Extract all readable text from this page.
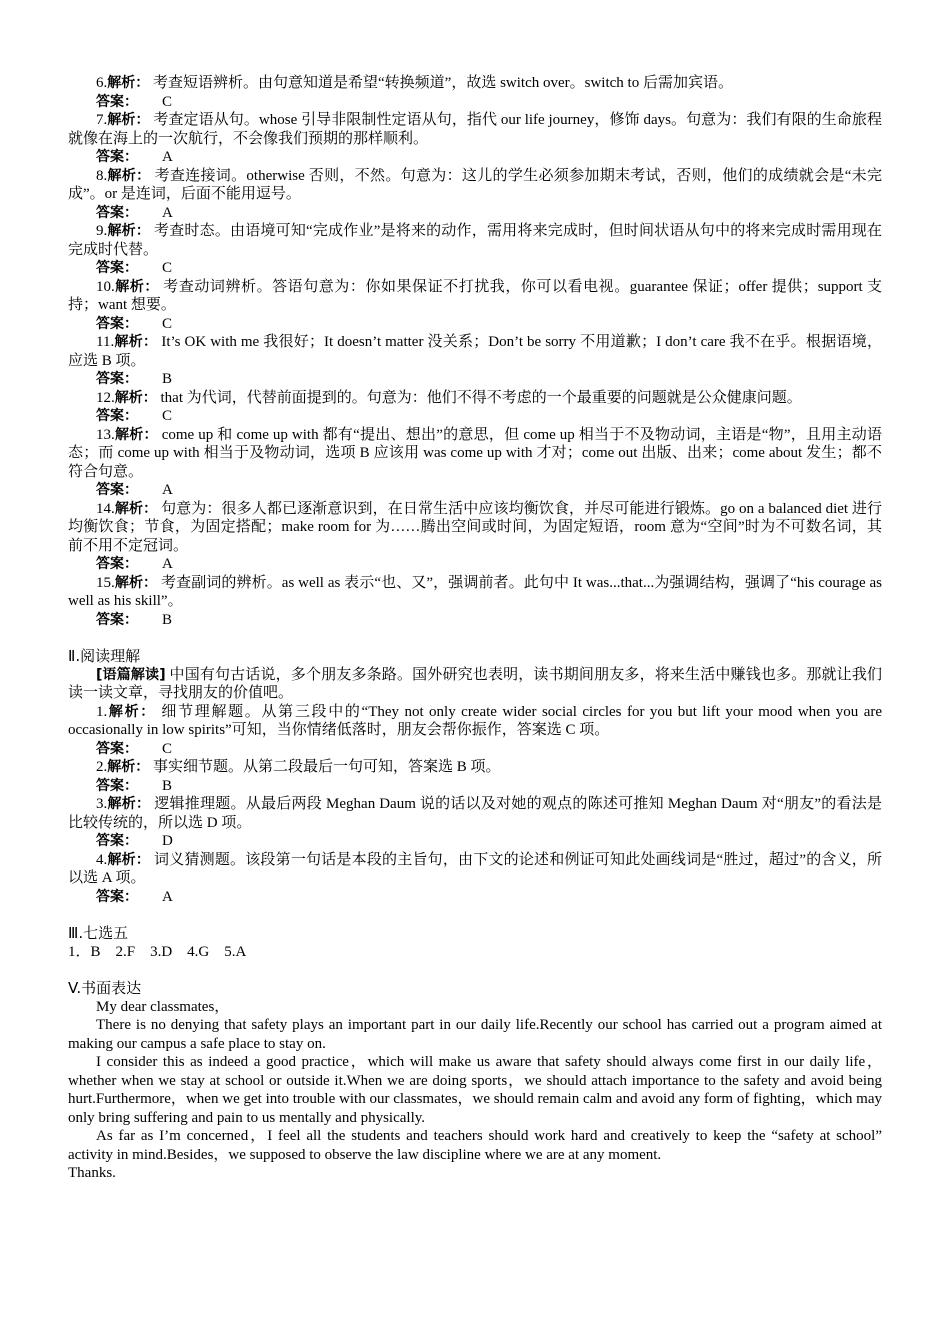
6.解析： 考查短语辨析。由句意知道是希望“转换频道”，故选 switch over。switch to 后需加宾语。

答案： C

7.解析： 考查定语从句。whose 引导非限制性定语从句，指代 our life journey，修饰 days。句意为：我们有限的生命旅程就像在海上的一次航行，不会像我们预期的那样顺利。

答案： A

8.解析： 考查连接词。otherwise 否则，不然。句意为：这儿的学生必须参加期末考试，否则，他们的成绩就会是“未完成”。or 是连词，后面不能用逗号。

答案： A

9.解析： 考查时态。由语境可知“完成作业”是将来的动作，需用将来完成时，但时间状语从句中的将来完成时需用现在完成时代替。

答案： C

10.解析： 考查动词辨析。答语句意为：你如果保证不打扰我，你可以看电视。guarantee 保证；offer 提供；support 支持；want 想要。

答案： C

11.解析： It’s OK with me 我很好；It doesn’t matter 没关系；Don’t be sorry 不用道歉；I don’t care 我不在乎。根据语境，应选 B 项。

答案： B

12.解析： that 为代词，代替前面提到的。句意为：他们不得不考虑的一个最重要的问题就是公众健康问题。

答案： C

13.解析： come up 和 come up with 都有“提出、想出”的意思，但 come up 相当于不及物动词，主语是“物”，且用主动语态；而 come up with 相当于及物动词，选项 B 应该用 was come up with 才对；come out 出版、出来；come about 发生；都不符合句意。

答案： A

14.解析： 句意为：很多人都已逐渐意识到，在日常生活中应该均衡饮食，并尽可能进行锻炼。go on a balanced diet 进行均衡饮食；节食，为固定搭配；make room for 为……腾出空间或时间，为固定短语，room 意为“空间”时为不可数名词，其前不用不定冠词。

答案： A

15.解析： 考查副词的辨析。as well as 表示“也、又”，强调前者。此句中 It was...that...为强调结构，强调了“his courage as well as his skill”。

答案： B

Ⅱ.阅读理解

[语篇解读] 中国有句古话说，多个朋友多条路。国外研究也表明，读书期间朋友多，将来生活中赚钱也多。那就让我们读一读文章，寻找朋友的价值吧。

1.解析： 细节理解题。从第三段中的“They not only create wider social circles for you but lift your mood when you are occasionally in low spirits”可知，当你情绪低落时，朋友会帮你振作，答案选 C 项。

答案： C

2.解析： 事实细节题。从第二段最后一句可知，答案选 B 项。

答案： B

3.解析： 逻辑推理题。从最后两段 Meghan Daum 说的话以及对她的观点的陈述可推知 Meghan Daum 对“朋友”的看法是比较传统的，所以选 D 项。

答案： D

4.解析： 词义猜测题。该段第一句话是本段的主旨句，由下文的论述和例证可知此处画线词是“胜过，超过”的含义，所以选 A 项。

答案： A

Ⅲ.七选五

1．B　2.F　3.D　4.G　5.A

V.书面表达

My dear classmates，

There is no denying that safety plays an important part in our daily life.Recently our school has carried out a program aimed at making our campus a safe place to stay on.

I consider this as indeed a good practice，which will make us aware that safety should always come first in our daily life，whether when we stay at school or outside it.When we are doing sports，we should attach importance to the safety and avoid being hurt.Furthermore，when we get into trouble with our classmates，we should remain calm and avoid any form of fighting，which may only bring suffering and pain to us mentally and physically.

As far as I’m concerned，I feel all the students and teachers should work hard and creatively to keep the “safety at school” activity in mind.Besides，we supposed to observe the law discipline where we are at any moment.

Thanks.
